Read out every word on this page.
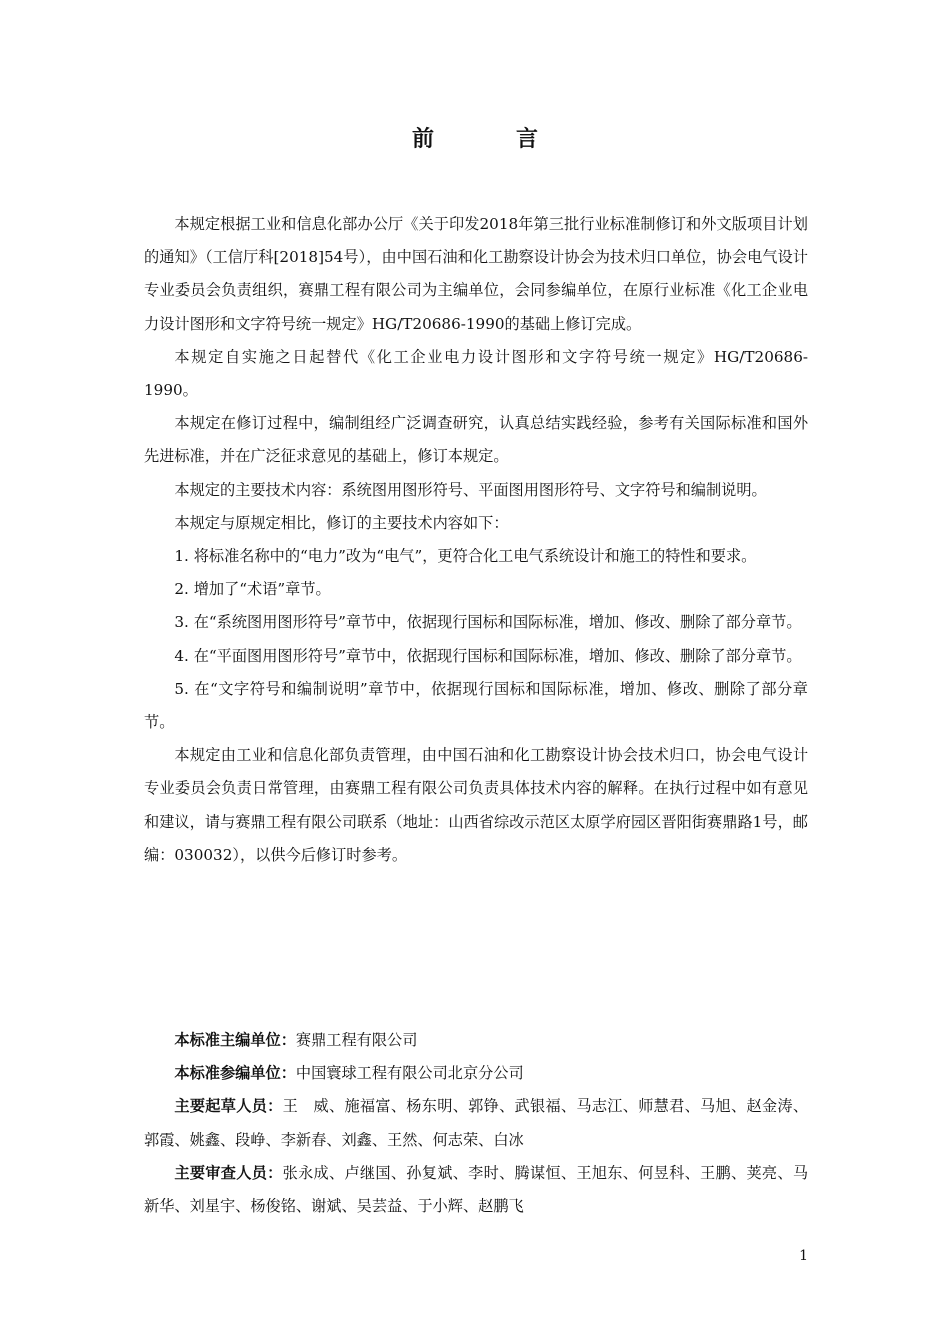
前　言

本规定根据工业和信息化部办公厅《关于印发2018年第三批行业标准制修订和外文版项目计划的通知》（工信厅科[2018]54号），由中国石油和化工勘察设计协会为技术归口单位，协会电气设计专业委员会负责组织，赛鼎工程有限公司为主编单位，会同参编单位，在原行业标准《化工企业电力设计图形和文字符号统一规定》HG/T20686-1990的基础上修订完成。

本规定自实施之日起替代《化工企业电力设计图形和文字符号统一规定》HG/T20686-1990。

本规定在修订过程中，编制组经广泛调查研究，认真总结实践经验，参考有关国际标准和国外先进标准，并在广泛征求意见的基础上，修订本规定。

本规定的主要技术内容：系统图用图形符号、平面图用图形符号、文字符号和编制说明。

本规定与原规定相比，修订的主要技术内容如下：

1. 将标准名称中的“电力”改为“电气”，更符合化工电气系统设计和施工的特性和要求。

2. 增加了“术语”章节。

3. 在“系统图用图形符号”章节中，依据现行国标和国际标准，增加、修改、删除了部分章节。

4. 在“平面图用图形符号”章节中，依据现行国标和国际标准，增加、修改、删除了部分章节。

5. 在“文字符号和编制说明”章节中，依据现行国标和国际标准，增加、修改、删除了部分章节。

本规定由工业和信息化部负责管理，由中国石油和化工勘察设计协会技术归口，协会电气设计专业委员会负责日常管理，由赛鼎工程有限公司负责具体技术内容的解释。在执行过程中如有意见和建议，请与赛鼎工程有限公司联系（地址：山西省综改示范区太原学府园区晋阳街赛鼎路1号，邮编：030032），以供今后修订时参考。

本标准主编单位：赛鼎工程有限公司

本标准参编单位：中国寰球工程有限公司北京分公司

主要起草人员：王　威、施福富、杨东明、郭铮、武银福、马志江、师慧君、马旭、赵金涛、郭霞、姚鑫、段峥、李新春、刘鑫、王然、何志荣、白冰

主要审查人员：张永成、卢继国、孙复斌、李时、腾谋恒、王旭东、何昱科、王鹏、荚亮、马新华、刘星宇、杨俊铭、谢斌、吴芸益、于小辉、赵鹏飞

1
